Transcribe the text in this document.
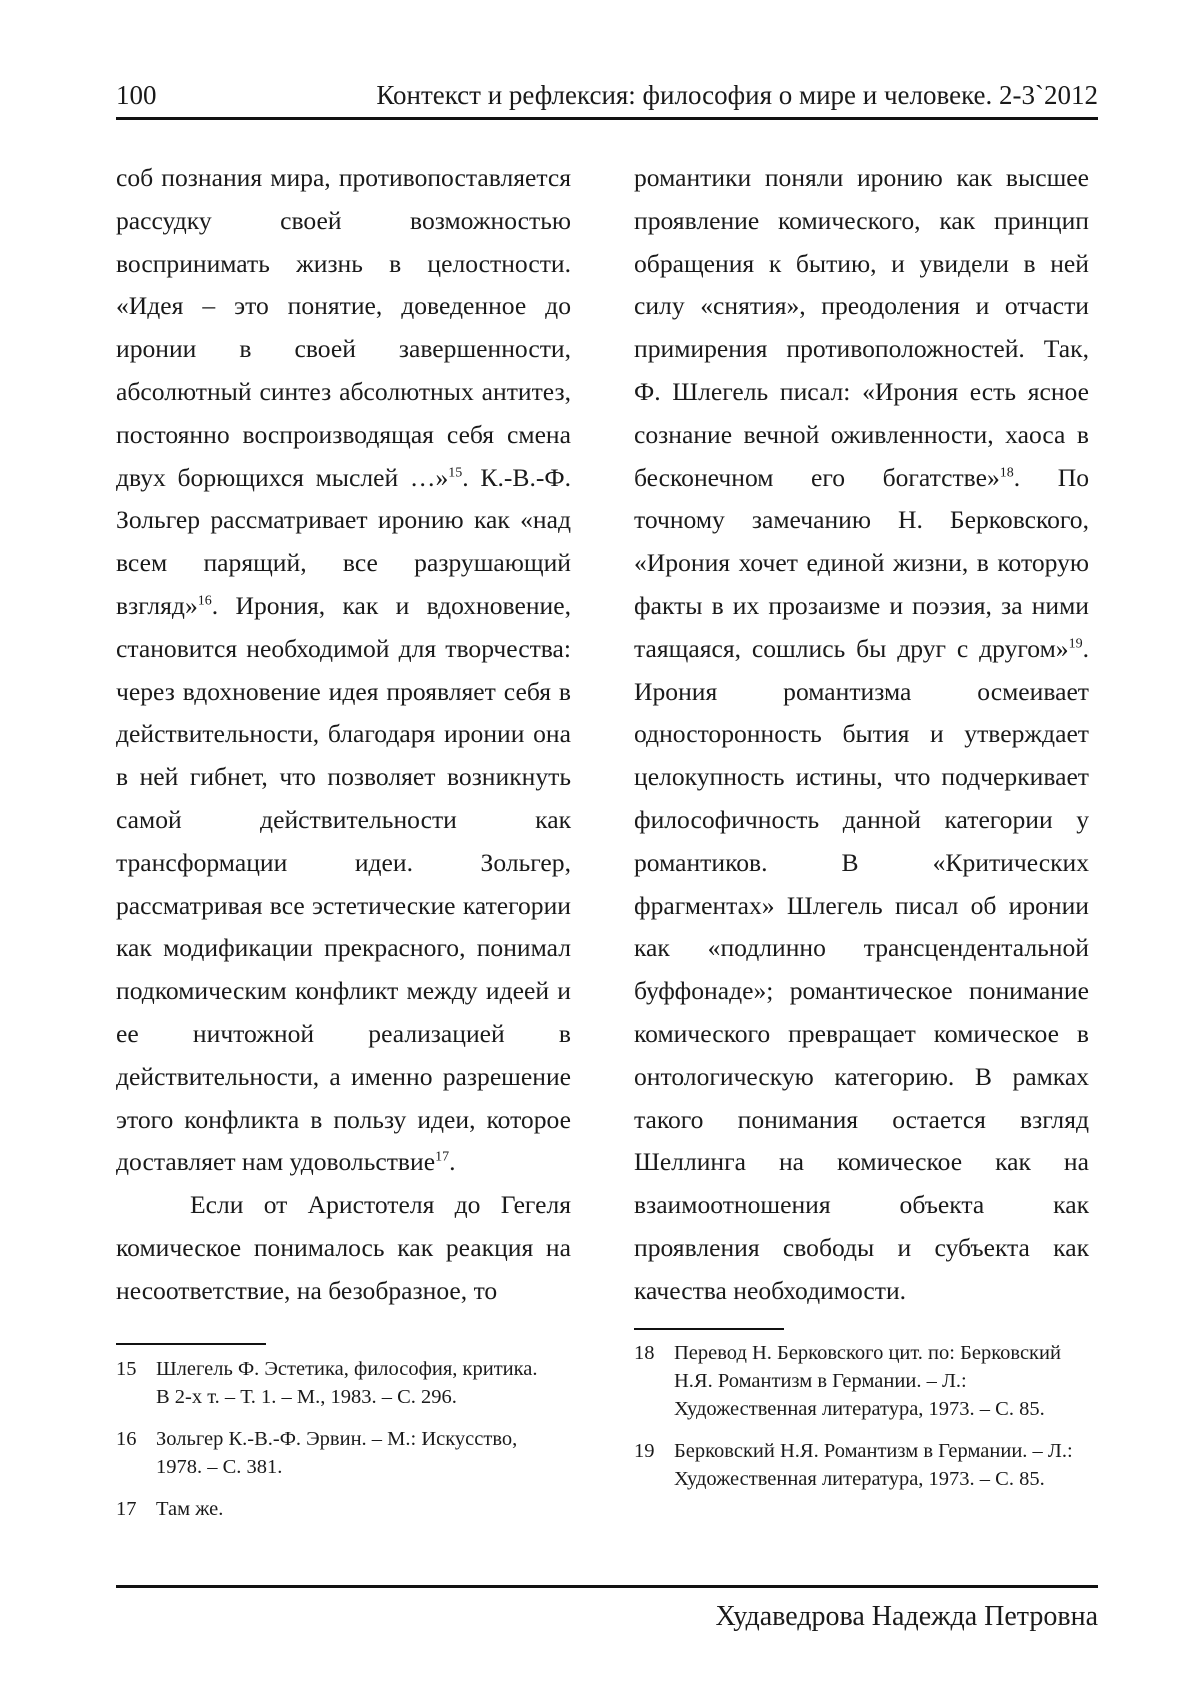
100	Контекст и рефлексия: философия о мире и человеке. 2-3`2012

соб познания мира, противопоставляется рассудку своей возможностью воспринимать жизнь в целостности. «Идея – это понятие, доведенное до иронии в своей завершенности, абсолютный синтез абсолютных антитез, постоянно воспроизводящая себя смена двух борющихся мыслей …»$^{15}$. К.-В.-Ф. Зольгер рассматривает иронию как «над всем парящий, все разрушающий взгляд»$^{16}$. Ирония, как и вдохновение, становится необходимой для творчества: через вдохновение идея проявляет себя в действительности, благодаря иронии она в ней гибнет, что позволяет возникнуть самой действительности как трансформации идеи. Зольгер, рассматривая все эстетические категории как модификации прекрасного, понимал подкомическим конфликт между идеей и ее ничтожной реализацией в действительности, а именно разрешение этого конфликта в пользу идеи, которое доставляет нам удовольствие$^{17}$.

Если от Аристотеля до Гегеля комическое понималось как реакция на несоответствие, на безобразное, то

романтики поняли иронию как высшее проявление комического, как принцип обращения к бытию, и увидели в ней силу «снятия», преодоления и отчасти примирения противоположностей. Так, Ф. Шлегель писал: «Ирония есть ясное сознание вечной оживленности, хаоса в бесконечном его богатстве»$^{18}$. По точному замечанию Н. Берковского, «Ирония хочет единой жизни, в которую факты в их прозаизме и поэзия, за ними таящаяся, сошлись бы друг с другом»$^{19}$. Ирония романтизма осмеивает односторонность бытия и утверждает целокупность истины, что подчеркивает философичность данной категории у романтиков. В «Критических фрагментах» Шлегель писал об иронии как «подлинно трансцендентальной буффонаде»; романтическое понимание комического превращает комическое в онтологическую категорию. В рамках такого понимания остается взгляд Шеллинга на комическое как на взаимоотношения объекта как проявления свободы и субъекта как качества необходимости.

15 Шлегель Ф. Эстетика, философия, критика. В 2-х т. – Т. 1. – М., 1983. – С. 296.
16 Зольгер К.-В.-Ф. Эрвин. – М.: Искусство, 1978. – С. 381.
17 Там же.
18 Перевод Н. Берковского цит. по: Берковский Н.Я. Романтизм в Германии. – Л.: Художественная литература, 1973. – С. 85.
19 Берковский Н.Я. Романтизм в Германии. – Л.: Художественная литература, 1973. – С. 85.
Худаведрова Надежда Петровна
